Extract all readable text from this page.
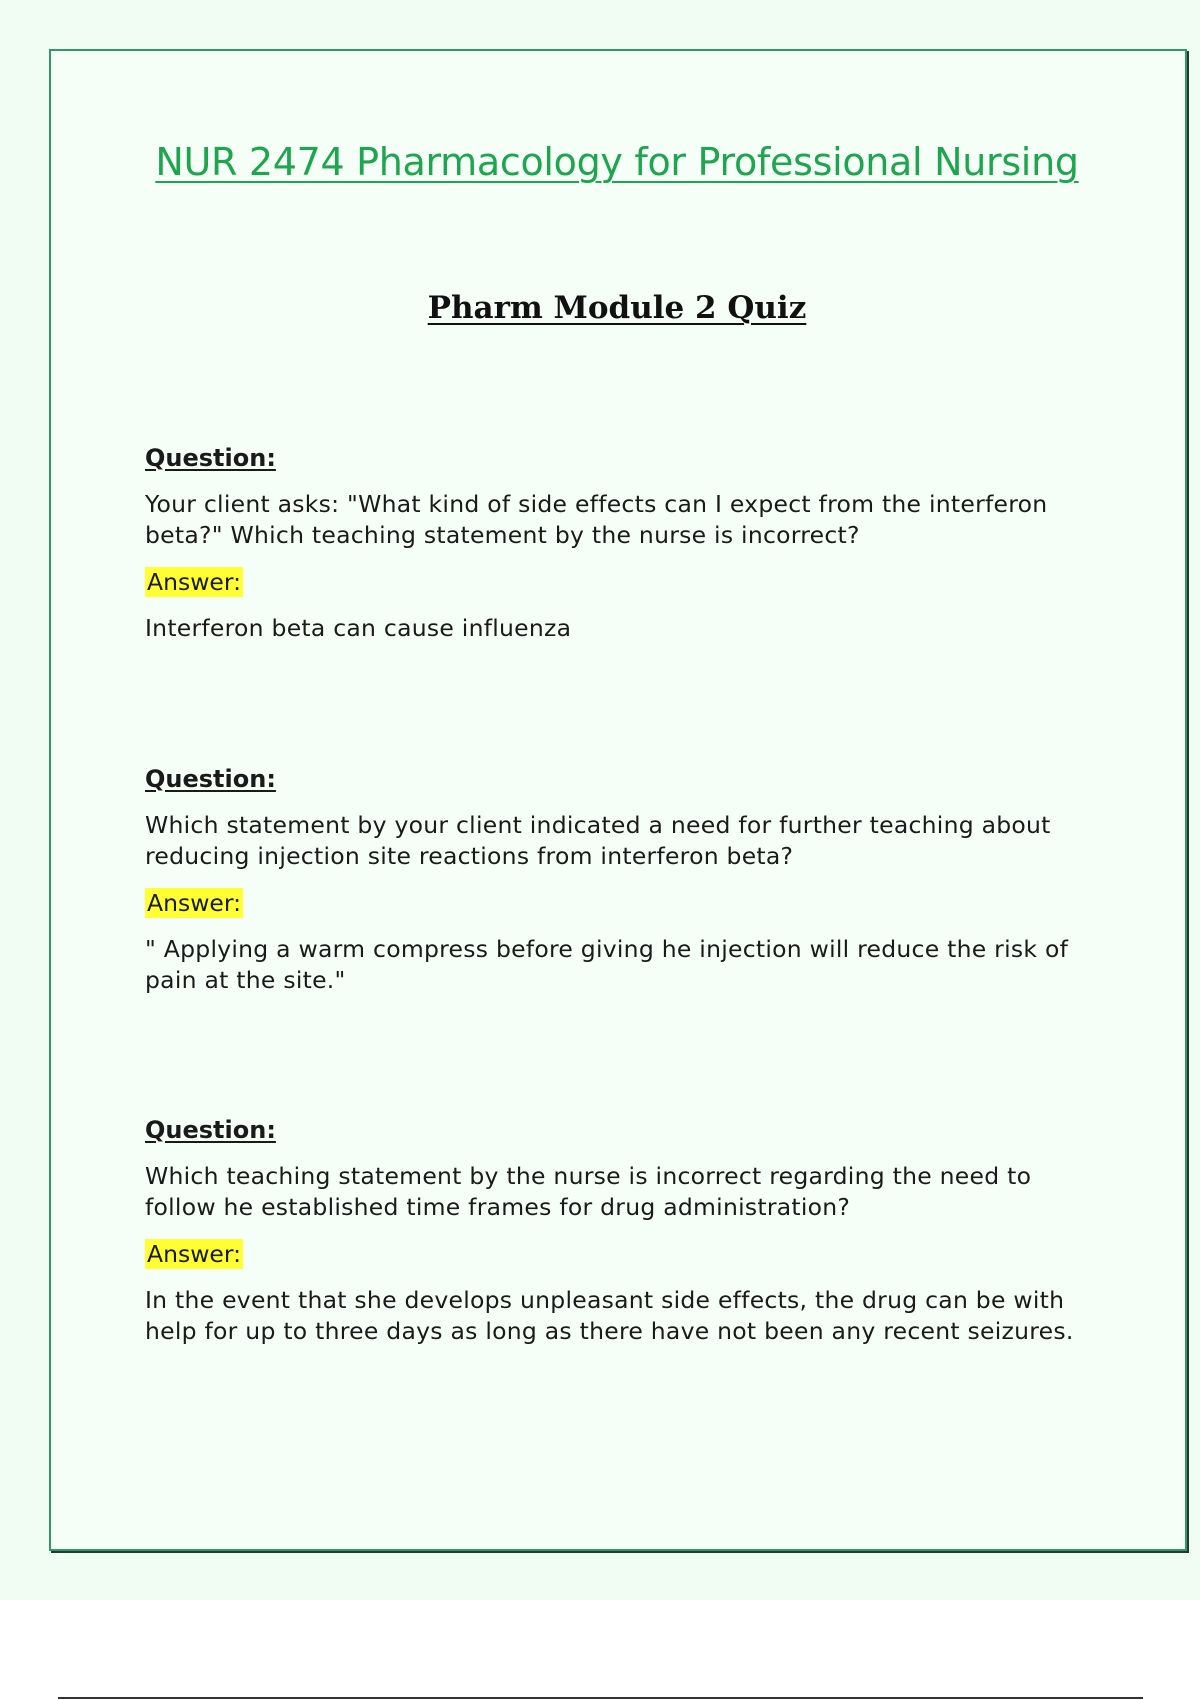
NUR 2474 Pharmacology for Professional Nursing
Pharm Module 2 Quiz
Question:

Your client asks: "What kind of side effects can I expect from the interferon beta?" Which teaching statement by the nurse is incorrect?

Answer:

Interferon beta can cause influenza

Question:

Which statement by your client indicated a need for further teaching about reducing injection site reactions from interferon beta?

Answer:

" Applying a warm compress before giving he injection will reduce the risk of pain at the site."

Question:

Which teaching statement by the nurse is incorrect regarding the need to follow he established time frames for drug administration?

Answer:

In the event that she develops unpleasant side effects, the drug can be with help for up to three days as long as there have not been any recent seizures.
